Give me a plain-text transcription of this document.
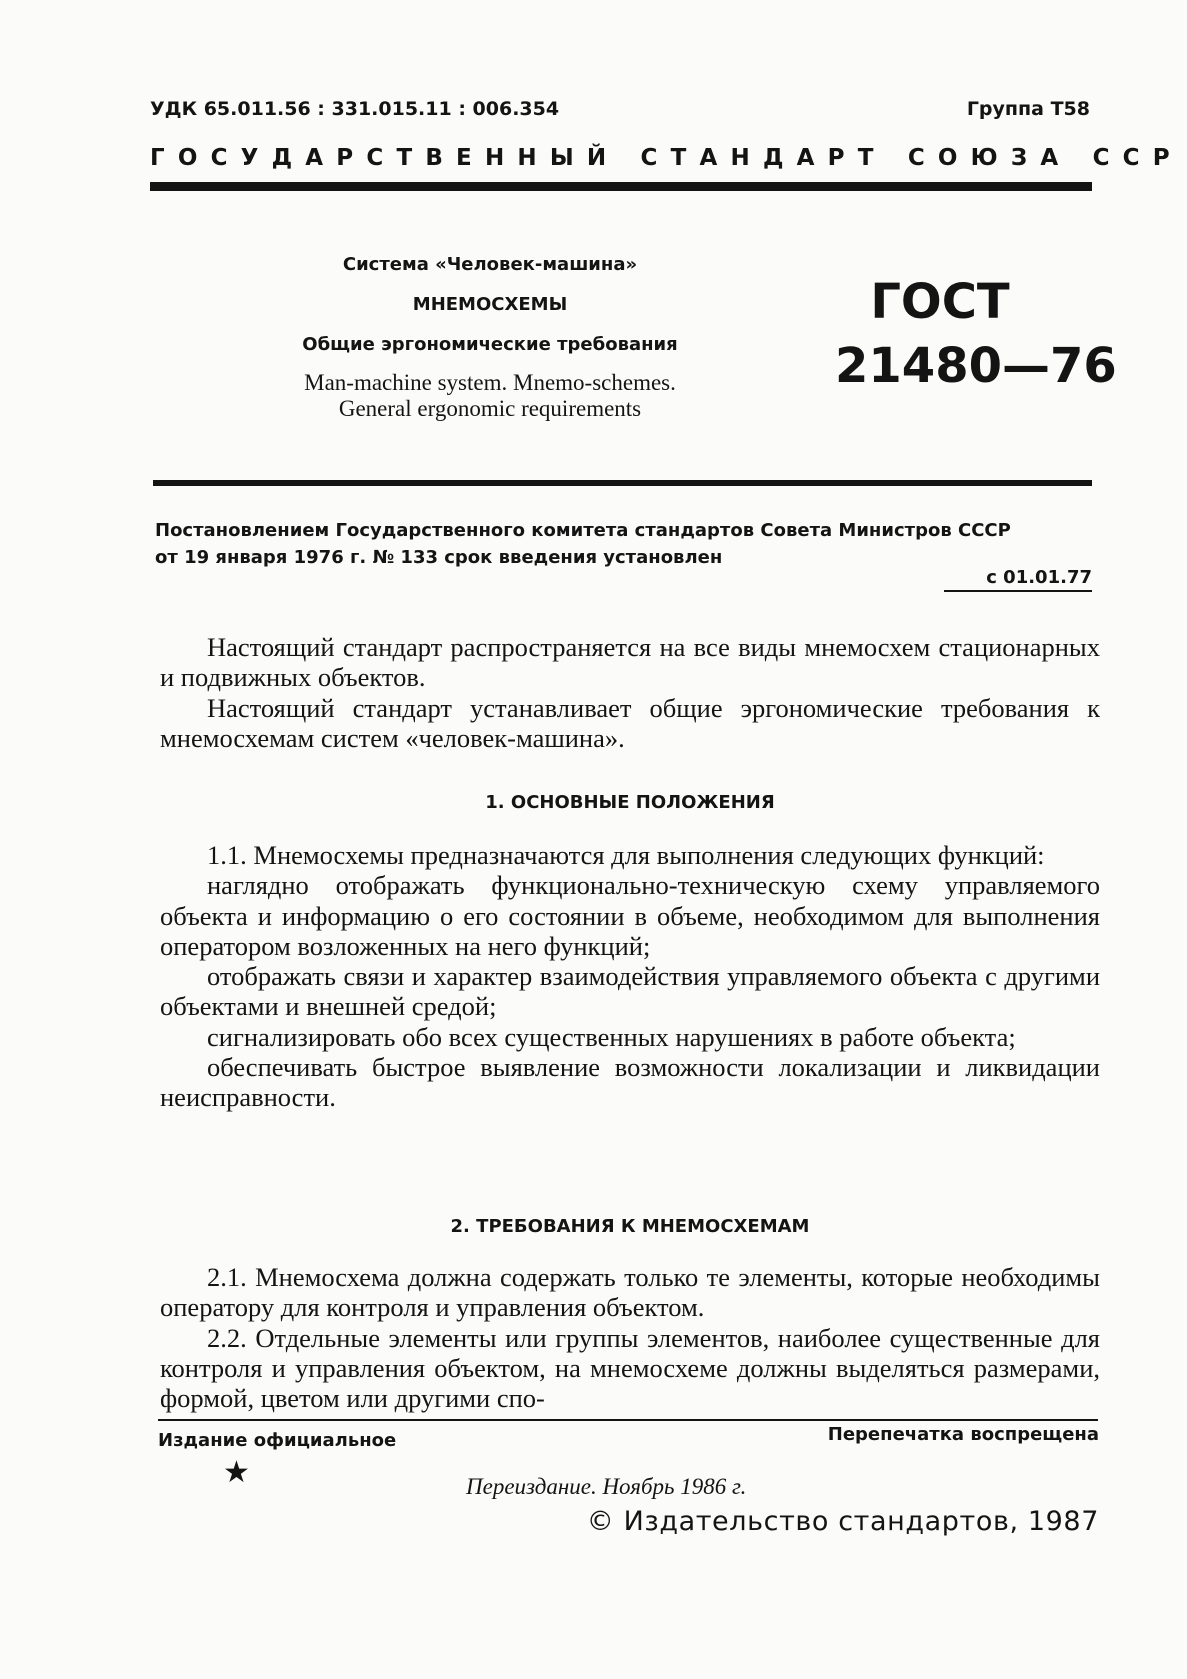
УДК 65.011.56 : 331.015.11 : 006.354	Группа Т58
ГОСУДАРСТВЕННЫЙ СТАНДАРТ СОЮЗА ССР
Система «Человек-машина»
МНЕМОСХЕМЫ
Общие эргономические требования
Man-machine system. Mnemo-schemes.
General ergonomic requirements
ГОСТ
21480—76
Постановлением Государственного комитета стандартов Совета Министров СССР
от 19 января 1976 г. № 133 срок введения установлен
с 01.01.77

Настоящий стандарт распространяется на все виды мнемосхем стационарных и подвижных объектов.

Настоящий стандарт устанавливает общие эргономические требования к мнемосхемам систем «человек-машина».

1. ОСНОВНЫЕ ПОЛОЖЕНИЯ

1.1. Мнемосхемы предназначаются для выполнения следующих функций:

наглядно отображать функционально-техническую схему управляемого объекта и информацию о его состоянии в объеме, необходимом для выполнения оператором возложенных на него функций;

отображать связи и характер взаимодействия управляемого объекта с другими объектами и внешней средой;

сигнализировать обо всех существенных нарушениях в работе объекта;

обеспечивать быстрое выявление возможности локализации и ликвидации неисправности.

2. ТРЕБОВАНИЯ К МНЕМОСХЕМАМ

2.1. Мнемосхема должна содержать только те элементы, которые необходимы оператору для контроля и управления объектом.

2.2. Отдельные элементы или группы элементов, наиболее существенные для контроля и управления объектом, на мнемосхеме должны выделяться размерами, формой, цветом или другими спо-

Издание официальное	Перепечатка воспрещена
★	Переиздание. Ноябрь 1986 г.
© Издательство стандартов, 1987
